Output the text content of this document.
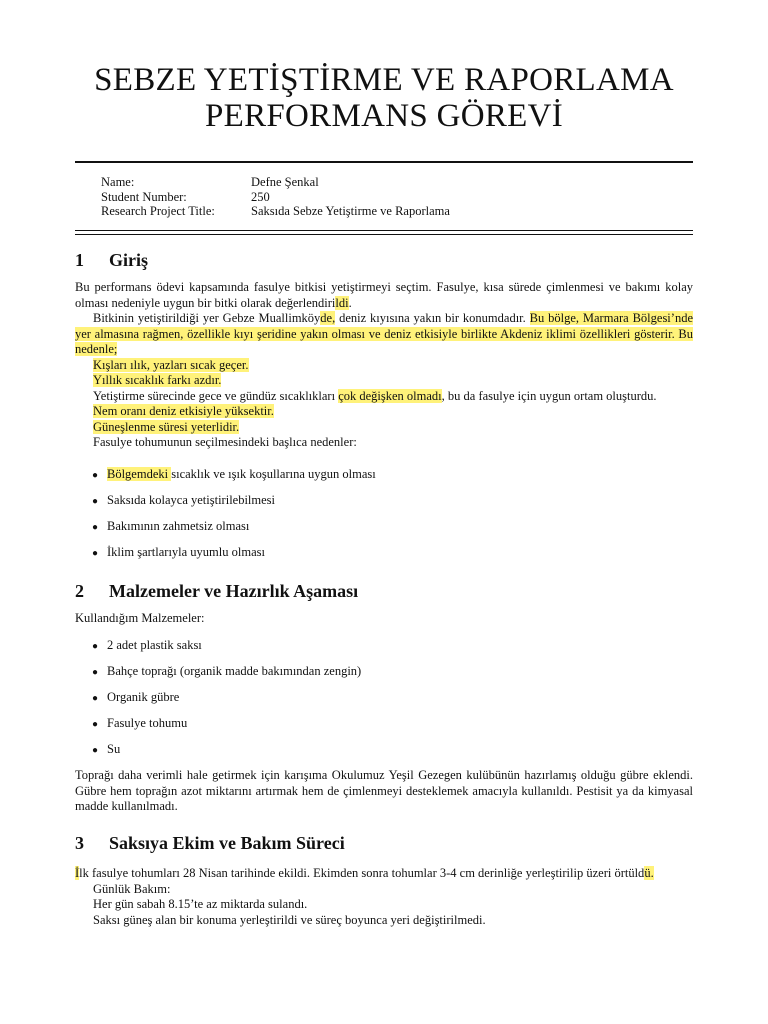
SEBZE YETİŞTİRME VE RAPORLAMA
PERFORMANS GÖREVİ
Name:	Defne Şenkal
Student Number:	250
Research Project Title:	Saksıda Sebze Yetiştirme ve Raporlama
1 Giriş

Bu performans ödevi kapsamında fasulye bitkisi yetiştirmeyi seçtim. Fasulye, kısa sürede çimlenmesi ve bakımı kolay olması nedeniyle uygun bir bitki olarak değerlendirildi.

Bitkinin yetiştirildiği yer Gebze Muallimköyde, deniz kıyısına yakın bir konumdadır. Bu bölge, Marmara Bölgesi’nde yer almasına rağmen, özellikle kıyı şeridine yakın olması ve deniz etkisiyle birlikte Akdeniz iklimi özellikleri gösterir. Bu nedenle;

Kışları ılık, yazları sıcak geçer.

Yıllık sıcaklık farkı azdır.

Yetiştirme sürecinde gece ve gündüz sıcaklıkları çok değişken olmadı, bu da fasulye için uygun ortam oluşturdu.

Nem oranı deniz etkisiyle yüksektir.

Güneşlenme süresi yeterlidir.

Fasulye tohumunun seçilmesindeki başlıca nedenler:

● Bölgemdeki sıcaklık ve ışık koşullarına uygun olması
● Saksıda kolayca yetiştirilebilmesi
● Bakımının zahmetsiz olması
● İklim şartlarıyla uyumlu olması
2 Malzemeler ve Hazırlık Aşaması

Kullandığım Malzemeler:

● 2 adet plastik saksı
● Bahçe toprağı (organik madde bakımından zengin)
● Organik gübre
● Fasulye tohumu
● Su

Toprağı daha verimli hale getirmek için karışıma Okulumuz Yeşil Gezegen kulübünün hazırlamış olduğu gübre eklendi. Gübre hem toprağın azot miktarını artırmak hem de çimlenmeyi desteklemek amacıyla kullanıldı. Pestisit ya da kimyasal madde kullanılmadı.

3 Saksıya Ekim ve Bakım Süreci

İlk fasulye tohumları 28 Nisan tarihinde ekildi. Ekimden sonra tohumlar 3-4 cm derinliğe yerleştirilip üzeri örtüldü.

Günlük Bakım:

Her gün sabah 8.15’te az miktarda sulandı.

Saksı güneş alan bir konuma yerleştirildi ve süreç boyunca yeri değiştirilmedi.
